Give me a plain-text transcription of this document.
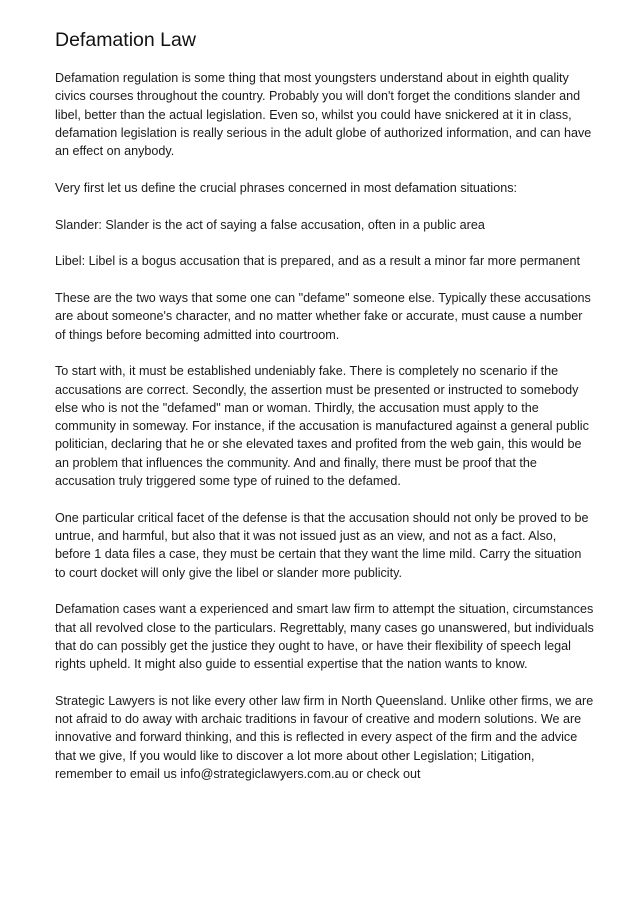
Defamation Law

Defamation regulation is some thing that most youngsters understand about in eighth quality civics courses throughout the country. Probably you will don't forget the conditions slander and libel, better than the actual legislation. Even so, whilst you could have snickered at it in class, defamation legislation is really serious in the adult globe of authorized information, and can have an effect on anybody.

Very first let us define the crucial phrases concerned in most defamation situations:

Slander: Slander is the act of saying a false accusation, often in a public area

Libel: Libel is a bogus accusation that is prepared, and as a result a minor far more permanent

These are the two ways that some one can "defame" someone else. Typically these accusations are about someone's character, and no matter whether fake or accurate, must cause a number of things before becoming admitted into courtroom.

To start with, it must be established undeniably fake. There is completely no scenario if the accusations are correct. Secondly, the assertion must be presented or instructed to somebody else who is not the "defamed" man or woman. Thirdly, the accusation must apply to the community in someway. For instance, if the accusation is manufactured against a general public politician, declaring that he or she elevated taxes and profited from the web gain, this would be an problem that influences the community. And and finally, there must be proof that the accusation truly triggered some type of ruined to the defamed.

One particular critical facet of the defense is that the accusation should not only be proved to be untrue, and harmful, but also that it was not issued just as an view, and not as a fact. Also, before 1 data files a case, they must be certain that they want the lime mild. Carry the situation to court docket will only give the libel or slander more publicity.

Defamation cases want a experienced and smart law firm to attempt the situation, circumstances that all revolved close to the particulars. Regrettably, many cases go unanswered, but individuals that do can possibly get the justice they ought to have, or have their flexibility of speech legal rights upheld. It might also guide to essential expertise that the nation wants to know.

Strategic Lawyers is not like every other law firm in North Queensland. Unlike other firms, we are not afraid to do away with archaic traditions in favour of creative and modern solutions. We are innovative and forward thinking, and this is reflected in every aspect of the firm and the advice that we give, If you would like to discover a lot more about other Legislation; Litigation, remember to email us info@strategiclawyers.com.au or check out
